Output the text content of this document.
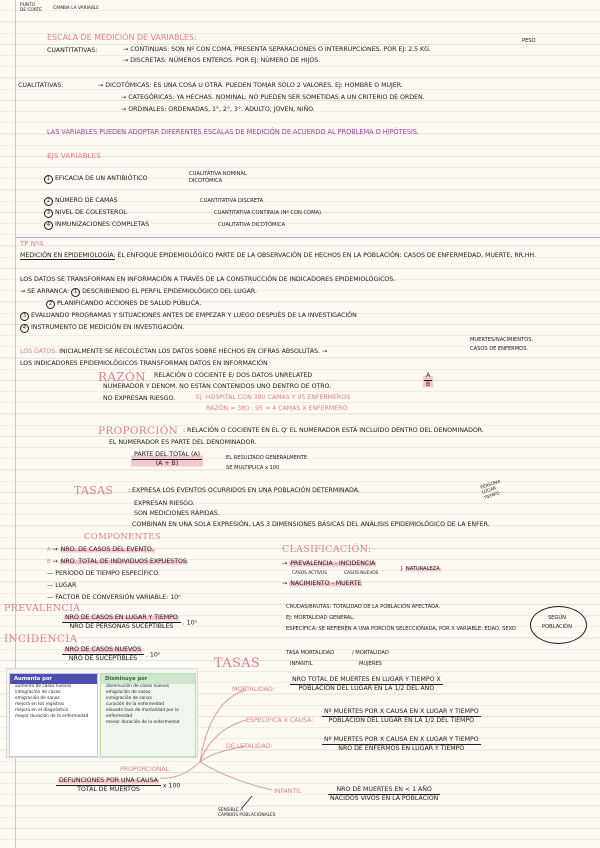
PUNTO
DE CORTE	CAMBIA LA VARIABLE
ESCALA DE MEDICIÓN DE VARIABLES:	PESO
CUANTITATIVAS:	→ CONTINUAS: SON Nº CON COMA. PRESENTA SEPARACIONES O INTERRUPCIONES. POR EJ: 2,5 KG.
→ DISCRETAS: NÚMEROS ENTEROS. POR EJ: NÚMERO DE HIJOS.
CUALITATIVAS:	→ DICOTÓMICAS: ES UNA COSA U OTRA. PUEDEN TOMAR SOLO 2 VALORES. EJ: HOMBRE O MUJER.
→ CATEGÓRICAS: YA HECHAS. NOMINAL: NO PUEDEN SER SOMETIDAS A UN CRITERIO DE ORDEN.
→ ORDINALES: ORDENADAS, 1°, 2°, 3°. ADULTO, JOVEN, NIÑO.
LAS VARIABLES PUEDEN ADOPTAR DIFERENTES ESCALAS DE MEDICIÓN DE ACUERDO AL PROBLEMA O HIPÓTESIS.
EJS VARIABLES
1 EFICACIA DE UN ANTIBIÓTICO
CUALITATIVA NOMINAL
DICOTÓMICA
2 NÚMERO DE CAMAS	CUANTITATIVA DISCRETA
3 NIVEL DE COLESTEROL	CUANTITATIVA CONTINUA (Nº CON COMA).
4 INMUNIZACIONES COMPLETAS	CUALITATIVA DICOTÓMICA
TP Nº4
MEDICIÓN EN EPIDEMIOLOGÍA: EL ENFOQUE EPIDEMIOLÓGICO PARTE DE LA OBSERVACIÓN DE HECHOS EN LA POBLACIÓN: CASOS DE ENFERMEDAD, MUERTE, RR.HH.
LOS DATOS SE TRANSFORMAN EN INFORMACIÓN A TRAVÉS DE LA CONSTRUCCIÓN DE INDICADORES EPIDEMIOLÓGICOS.
→ SE ARRANCA: 1 DESCRIBIENDO EL PERFIL EPIDEMIOLÓGICO DEL LUGAR.
2 PLANIFICANDO ACCIONES DE SALUD PÚBLICA.
3 EVALUANDO PROGRAMAS Y SITUACIONES ANTES DE EMPEZAR Y LUEGO DESPUÉS DE LA INVESTIGACIÓN
4 INSTRUMENTO DE MEDICIÓN EN INVESTIGACIÓN.
LOS DATOS: INICIALMENTE SE RECOLECTAN LOS DATOS SOBRE HECHOS EN CIFRAS ABSOLUTAS. →
MUERTES/NACIMIENTOS.
CASOS DE ENFERMOS.
LOS INDICADORES EPIDEMIOLÓGICOS TRANSFORMAN DATOS EN INFORMACIÓN
RAZÓN RELACIÓN O COCIENTE E/ DOS DATOS UNRELATED
NUMERADOR Y DENOM. NO ESTÁN CONTENIDOS UNO DENTRO DE OTRO.	$\frac{A}{B}$
NO EXPRESAN RIESGO.	EJ: HOSPITAL CON 380 CAMAS Y 95 ENFERMEROS
RAZÓN = 380 : 95 = 4 CAMAS X ENFERMERO
PROPORCIÓN : RELACIÓN O COCIENTE EN EL Q' EL NUMERADOR ESTÁ INCLUIDO DENTRO DEL DENOMINADOR.
EL NUMERADOR ES PARTE DEL DENOMINADOR.
$\frac{\text{PARTE DEL TOTAL (A)}}{(A + B)}$	EL RESULTADO GENERALMENTE
SE MULTIPLICA x 100
TASAS : EXPRESA LOS EVENTOS OCURRIDOS EN UNA POBLACIÓN DETERMINADA.	PERSONA
LUGAR
TIEMPO
EXPRESAN RIESGO.
SON MEDICIONES RÁPIDAS.
COMBINAN EN UNA SOLA EXPRESIÓN, LAS 3 DIMENSIONES BÁSICAS DEL ANÁLISIS EPIDEMIOLÓGICO DE LA ENFER.
COMPONENTES
A → NRO. DE CASOS DEL EVENTO.
B → NRO. TOTAL DE INDIVIDUOS EXPUESTOS
— PERÍODO DE TIEMPO ESPECÍFICO.
— LUGAR
— FACTOR DE CONVERSIÓN VARIABLE: 10ⁿ
CLASIFICACIÓN:
→ PREVALENCIA - INCIDENCIA
CASOS ACTIVOS	CASOS NUEVOS
} NATURALEZA
→ NACIMIENTO - MUERTE
PREVALENCIA
$\frac{\text{NRO DE CASOS EN LUGAR Y TIEMPO}}{\text{NRO DE PERSONAS SUCEPTIBLES}}$ . 10ⁿ
INCIDENCIA
$\frac{\text{NRO DE CASOS NUEVOS}}{\text{NRO DE SUCEPTIBLES}}$ . 10ⁿ
CRUDAS/BRUTAS: TOTALIDAD DE LA POBLACIÓN AFECTADA.
EJ: MORTALIDAD GENERAL.
ESPECÍFICA: SE REFIEREN A UNA PORCIÓN SELECCIONADA, POR X VARIABLE: EDAD, SEXO
TASA MORTALIDAD
INFANTIL
/ MORTALIDAD
MUJERES
SEGÚN
POBLACIÓN
Aumenta por
aumento de casos nuevos
inmigración de casos
emigración de sanos
mejora en los registros
mejora en el diagnóstico
mayor duración de la enfermedad
Disminuye por
disminución de casos nuevos
emigración de casos
inmigración de sanos
curación de la enfermedad
elevada tasa de mortalidad por la enfermedad
menor duración de la enfermedad
TASAS
MORTALIDAD: $\frac{\text{NRO TOTAL DE MUERTES EN LUGAR Y TIEMPO X}}{\text{POBLACIÓN DEL LUGAR EN LA 1/2 DEL AÑO}}$
ESPECÍFICA X CAUSA: $\frac{\text{Nº MUERTES POR X CAUSA EN X LUGAR Y TIEMPO}}{\text{POBLACIÓN DEL LUGAR EN LA 1/2 DEL TIEMPO}}$
DE LETALIDAD:	$\frac{\text{Nº MUERTES POR X CAUSA EN X LUGAR Y TIEMPO}}{\text{NRO DE ENFERMOS EN LUGAR Y TIEMPO}}$
PROPORCIONAL:
$\frac{\text{DEFUNCIONES POR UNA CAUSA}}{\text{TOTAL DE MUERTOS}}$ x 100
INFANTIL	$\frac{\text{NRO DE MUERTES EN < 1 AÑO}}{\text{NACIDOS VIVOS EN LA POBLACIÓN}}$
SENSIBLE A
CAMBIOS POBLACIONALES
